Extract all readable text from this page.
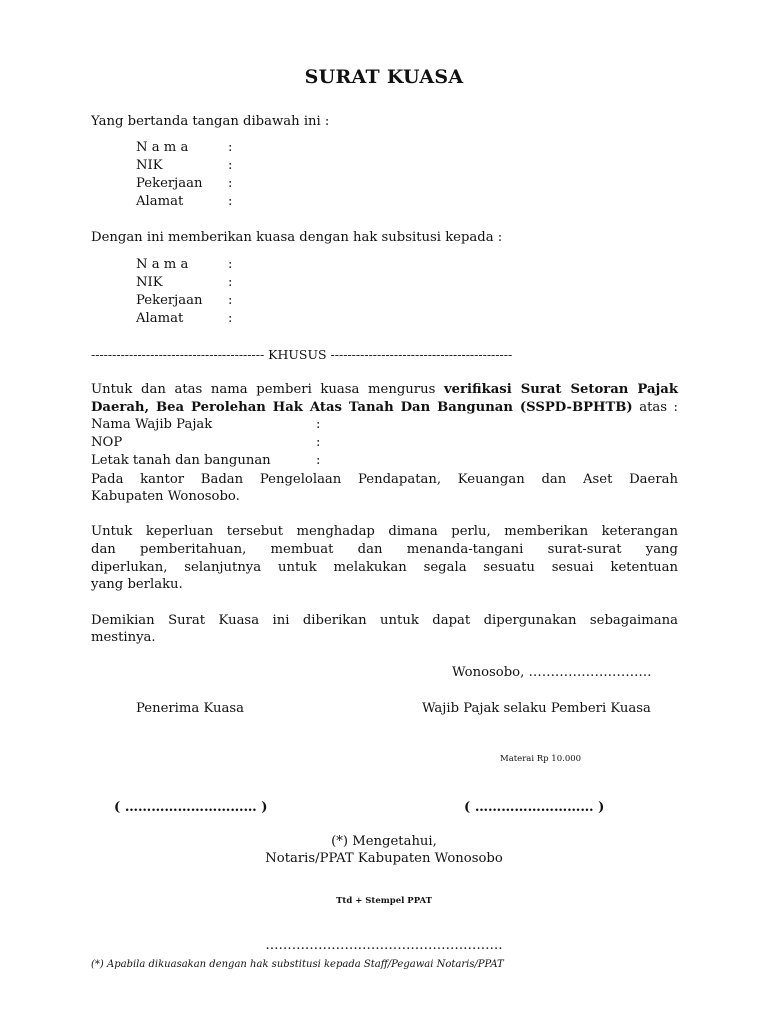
SURAT KUASA
Yang bertanda tangan dibawah ini :
N a m a	:
NIK	:
Pekerjaan :
Alamat	:
Dengan ini memberikan kuasa dengan hak subsitusi kepada :
N a m a	:
NIK	:
Pekerjaan :
Alamat	:
----------------------------------------- KHUSUS -------------------------------------------
Untuk dan atas nama pemberi kuasa mengurus verifikasi Surat Setoran Pajak
Daerah, Bea Perolehan Hak Atas Tanah Dan Bangunan (SSPD-BPHTB) atas :
Nama Wajib Pajak	:
NOP	:
Letak tanah dan bangunan	:
Pada kantor Badan Pengelolaan Pendapatan, Keuangan dan Aset Daerah
Kabupaten Wonosobo.
Untuk keperluan tersebut menghadap dimana perlu, memberikan keterangan
dan pemberitahuan, membuat dan menanda-tangani surat-surat yang
diperlukan, selanjutnya untuk melakukan segala sesuatu sesuai ketentuan
yang berlaku.
Demikian Surat Kuasa ini diberikan untuk dapat dipergunakan sebagaimana
mestinya.
Wonosobo, ……………………….
Penerima Kuasa	Wajib Pajak selaku Pemberi Kuasa
Materai Rp 10.000
( ………………………… )	( ……………………… )
(*) Mengetahui,
Notaris/PPAT Kabupaten Wonosobo
Ttd + Stempel PPAT
………………………………………………
(*) Apabila dikuasakan dengan hak substitusi kepada Staff/Pegawai Notaris/PPAT
